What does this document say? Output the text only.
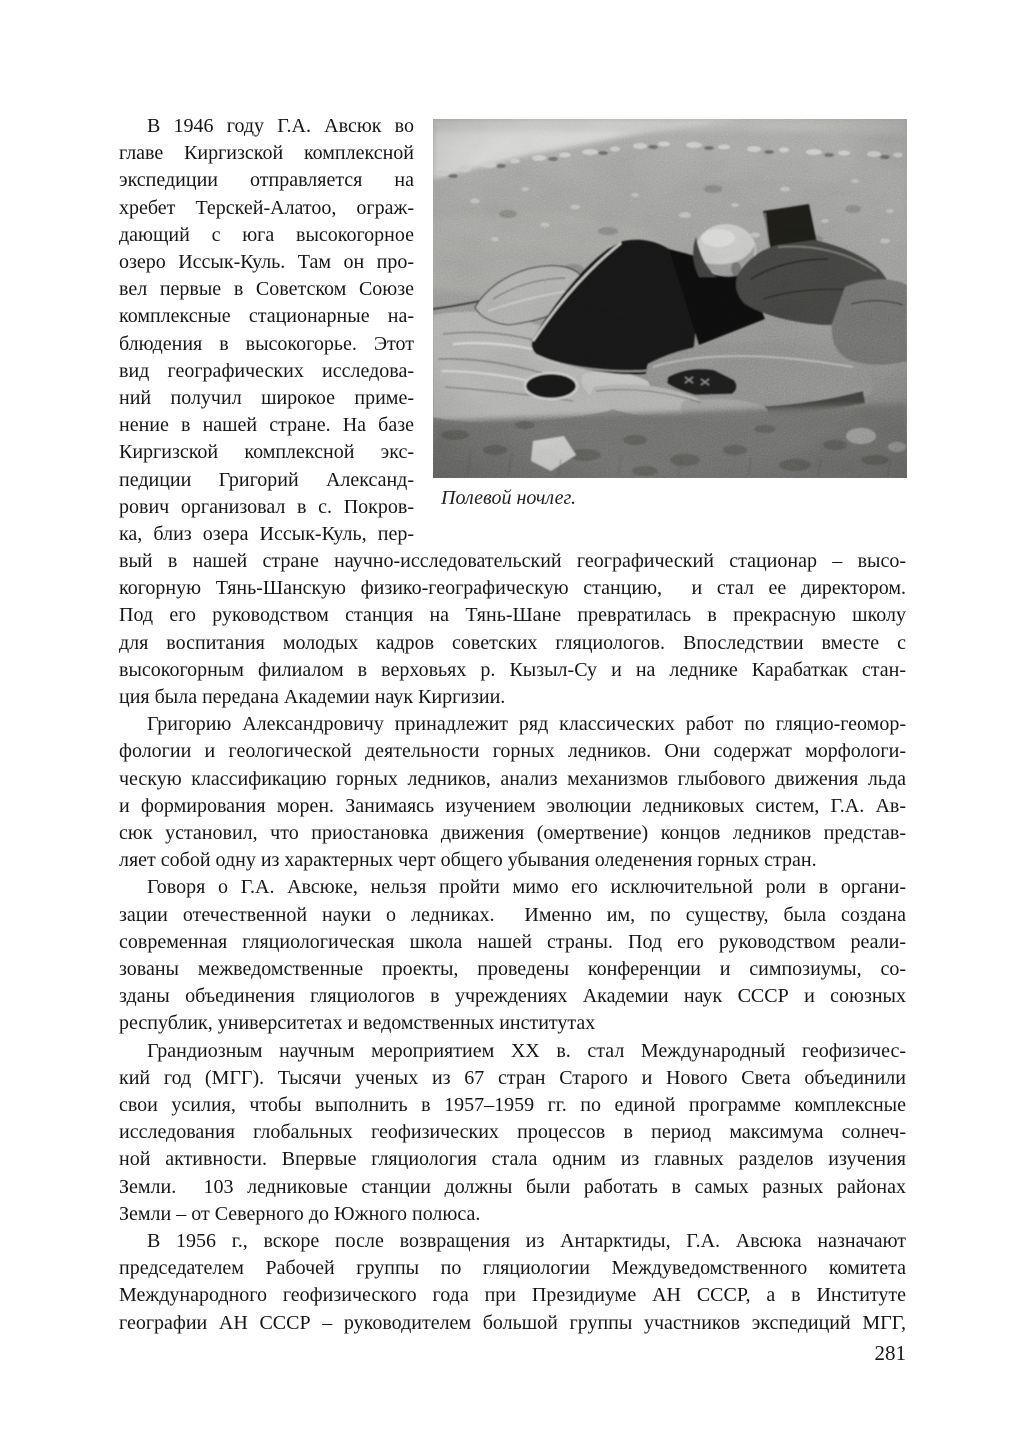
В 1946 году Г.А. Авсюк во
главе Киргизской комплексной
экспедиции отправляется на
хребет Терскей-Алатоо, ограж-
дающий с юга высокогорное
озеро Иссык-Куль. Там он про-
вел первые в Советском Союзе
комплексные стационарные на-
блюдения в высокогорье. Этот
вид географических исследова-
ний получил широкое приме-
нение в нашей стране. На базе
Киргизской комплексной экс-
педиции Григорий Александ-
рович организовал в с. Покров-
ка, близ озера Иссык-Куль, пер-
Полевой ночлег.
вый в нашей стране научно-исследовательский географический стационар – высо-
когорную Тянь-Шанскую физико-географическую станцию,  и стал ее директором.
Под его руководством станция на Тянь-Шане превратилась в прекрасную школу
для воспитания молодых кадров советских гляциологов. Впоследствии вместе с
высокогорным филиалом в верховьях р. Кызыл-Су и на леднике Карабаткак стан-
ция была передана Академии наук Киргизии.
Григорию Александровичу принадлежит ряд классических работ по гляцио-геомор-
фологии и геологической деятельности горных ледников. Они содержат морфологи-
ческую классификацию горных ледников, анализ механизмов глыбового движения льда
и формирования морен. Занимаясь изучением эволюции ледниковых систем, Г.А. Ав-
сюк установил, что приостановка движения (омертвение) концов ледников представ-
ляет собой одну из характерных черт общего убывания оледенения горных стран.
Говоря о Г.А. Авсюке, нельзя пройти мимо его исключительной роли в органи-
зации отечественной науки о ледниках.  Именно им, по существу, была создана
современная гляциологическая школа нашей страны. Под его руководством реали-
зованы межведомственные проекты, проведены конференции и симпозиумы, со-
зданы объединения гляциологов в учреждениях Академии наук СССР и союзных
республик, университетах и ведомственных институтах
Грандиозным научным мероприятием XX в. стал Международный геофизичес-
кий год (МГГ). Тысячи ученых из 67 стран Старого и Нового Света объединили
свои усилия, чтобы выполнить в 1957–1959 гг. по единой программе комплексные
исследования глобальных геофизических процессов в период максимума солнеч-
ной активности. Впервые гляциология стала одним из главных разделов изучения
Земли.  103 ледниковые станции должны были работать в самых разных районах
Земли – от Северного до Южного полюса.
В 1956 г., вскоре после возвращения из Антарктиды, Г.А. Авсюка назначают
председателем Рабочей группы по гляциологии Междуведомственного комитета
Международного геофизического года при Президиуме АН СССР, а в Институте
географии АН СССР – руководителем большой группы участников экспедиций МГГ,
281
